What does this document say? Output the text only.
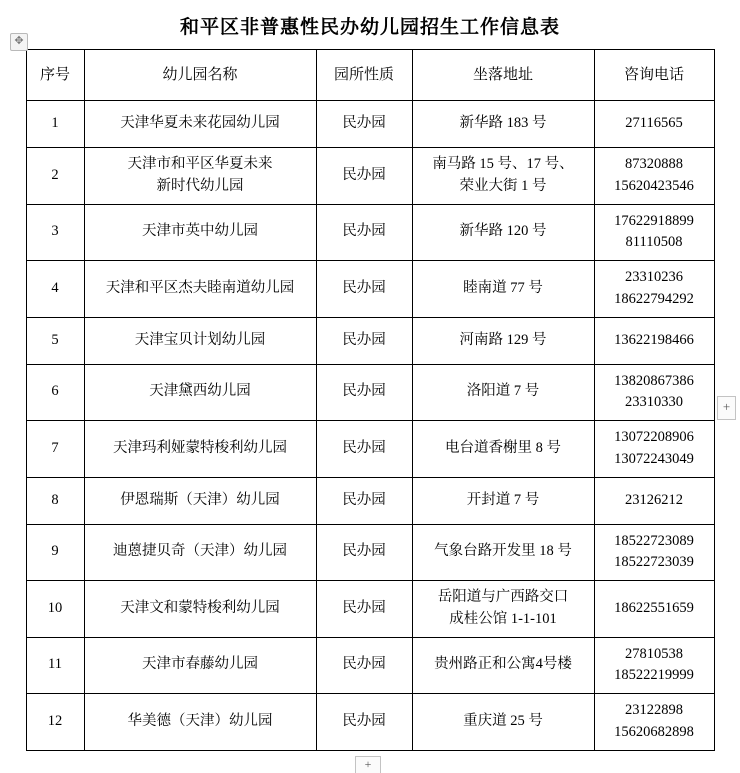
✥
+
+
和平区非普惠性民办幼儿园招生工作信息表
序号	幼儿园名称	园所性质	坐落地址	咨询电话
1	天津华夏未来花园幼儿园	民办园	新华路 183 号	27116565

2	天津市和平区华夏未来
新时代幼儿园	民办园	南马路 15 号、17 号、
荣业大街 1 号	87320888
15620423546

3	天津市英中幼儿园	民办园	新华路 120 号	17622918899
81110508

4	天津和平区杰夫睦南道幼儿园	民办园	睦南道 77 号	23310236
18622794292

5	天津宝贝计划幼儿园	民办园	河南路 129 号	13622198466

6	天津黛西幼儿园	民办园	洛阳道 7 号	13820867386
23310330

7	天津玛利娅蒙特梭利幼儿园	民办园	电台道香榭里 8 号	13072208906
13072243049

8	伊恩瑞斯（天津）幼儿园	民办园	开封道 7 号	23126212

9	迪蒽捷贝奇（天津）幼儿园	民办园	气象台路开发里 18 号	18522723089
18522723039

10	天津文和蒙特梭利幼儿园	民办园	岳阳道与广西路交口
成桂公馆 1-1-101	18622551659

11	天津市春藤幼儿园	民办园	贵州路正和公寓4号楼	27810538
18522219999

12	华美德（天津）幼儿园	民办园	重庆道 25 号	23122898
15620682898
